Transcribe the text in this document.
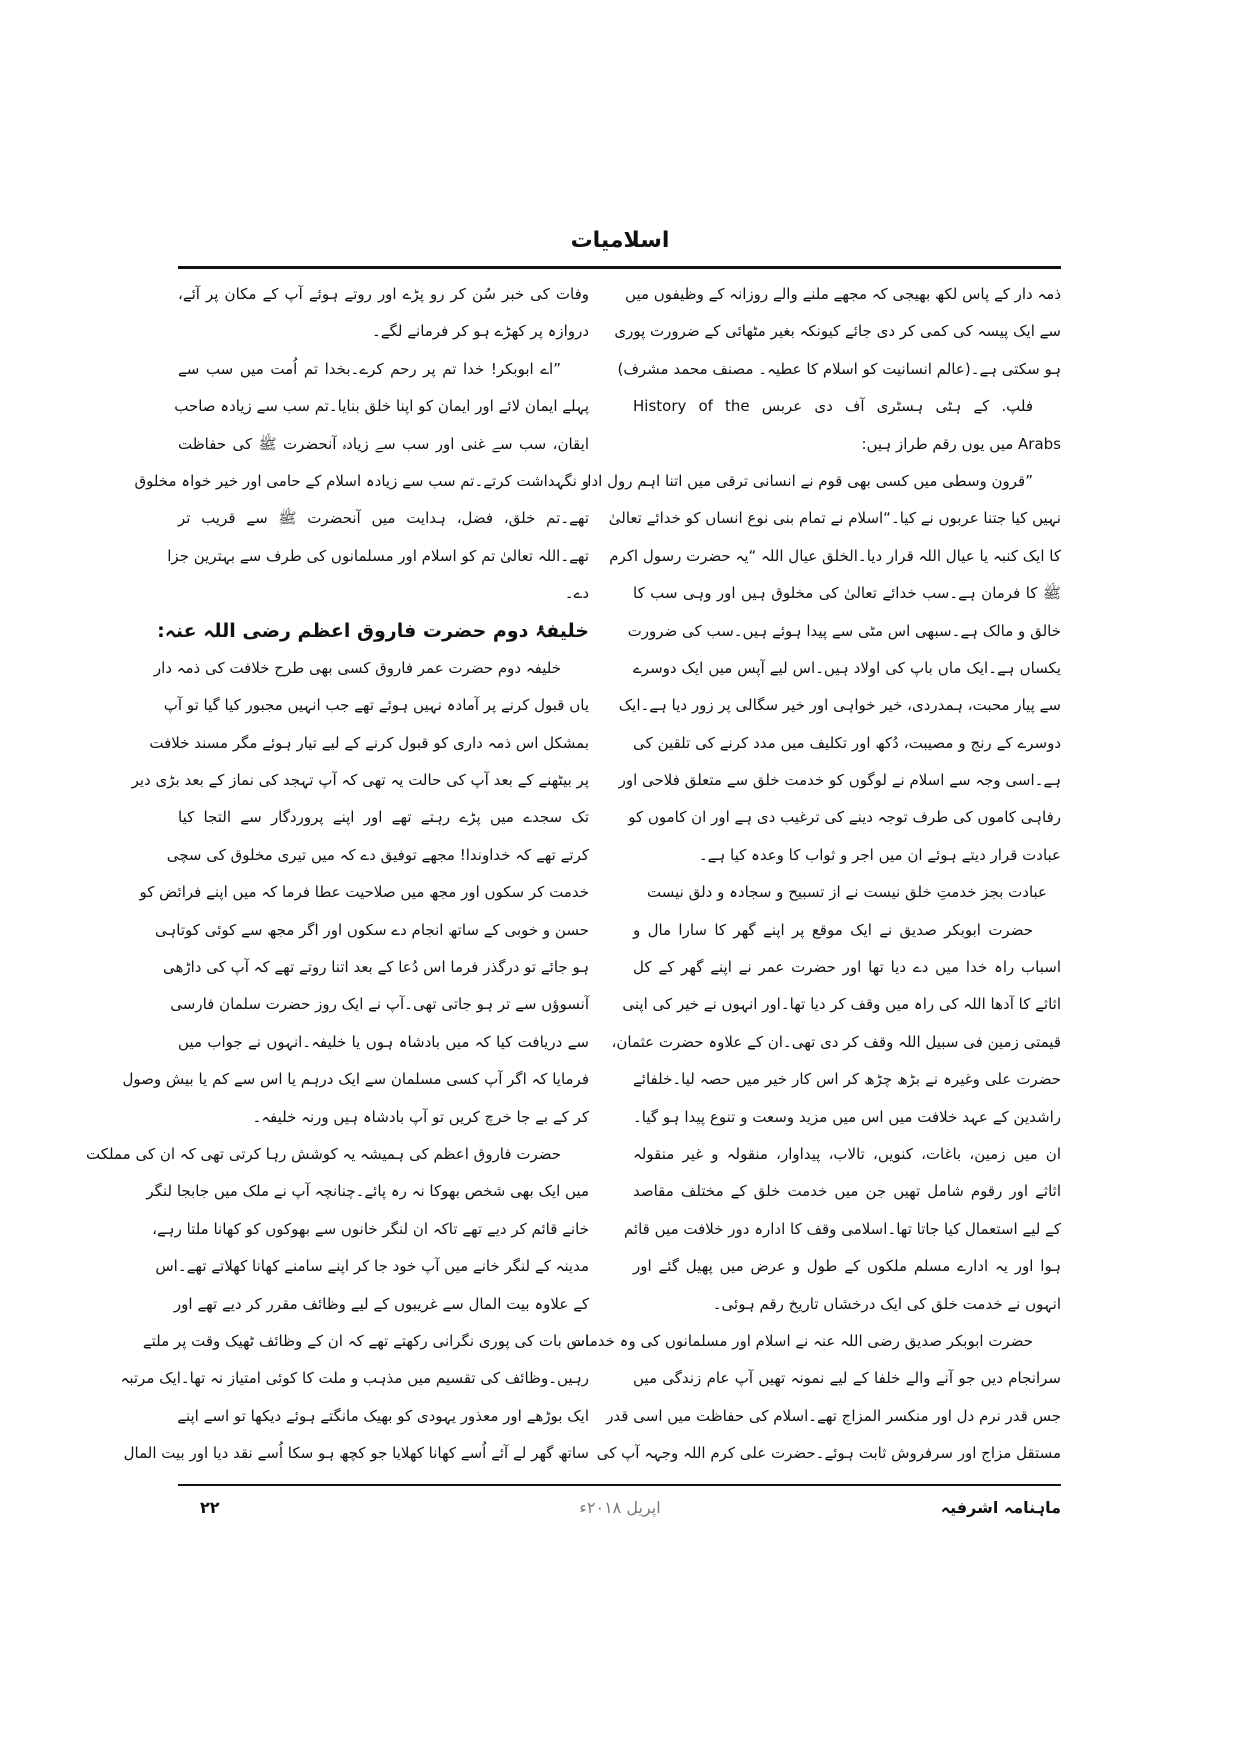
اسلامیات
ذمہ دار کے پاس لکھ بھیجی کہ مجھے ملنے والے روزانہ کے وظیفوں میں
سے ایک پیسہ کی کمی کر دی جائے کیونکہ بغیر مٹھائی کے ضرورت پوری
ہو سکتی ہے۔(عالم انسانیت کو اسلام کا عطیہ۔ مصنف محمد مشرف)
فلپ. کے ہٹی ہسٹری آف دی عربس History of the
Arabs میں یوں رقم طراز ہیں:
”قرون وسطی میں کسی بھی قوم نے انسانی ترقی میں اتنا اہم رول ادا
نہیں کیا جتنا عربوں نے کیا۔“اسلام نے تمام بنی نوع انساں کو خدائے تعالیٰ
کا ایک کنبہ یا عیال اللہ قرار دیا۔الخلق عیال اللہ “یہ حضرت رسول اکرم
ﷺ کا فرمان ہے۔سب خدائے تعالیٰ کی مخلوق ہیں اور وہی سب کا
خالق و مالک ہے۔سبھی اس مٹی سے پیدا ہوئے ہیں۔سب کی ضرورت
یکساں ہے۔ایک ماں باپ کی اولاد ہیں۔اس لیے آپس میں ایک دوسرے
سے پیار محبت، ہمدردی، خیر خواہی اور خیر سگالی پر زور دیا ہے۔ایک
دوسرے کے رنج و مصیبت، دُکھ اور تکلیف میں مدد کرنے کی تلقین کی
ہے۔اسی وجہ سے اسلام نے لوگوں کو خدمت خلق سے متعلق فلاحی اور
رفاہی کاموں کی طرف توجہ دینے کی ترغیب دی ہے اور ان کاموں کو
عبادت قرار دیتے ہوئے ان میں اجر و ثواب کا وعدہ کیا ہے۔
عبادت بجز خدمتِ خلق نیست
نے از تسبیح و سجادہ و دلق نیست
حضرت ابوبکر صدیق نے ایک موقع پر اپنے گھر کا سارا مال و
اسباب راہ خدا میں دے دیا تھا اور حضرت عمر نے اپنے گھر کے کل
اثاثے کا آدھا اللہ کی راہ میں وقف کر دیا تھا۔اور انہوں نے خیر کی اپنی
قیمتی زمین فی سبیل اللہ وقف کر دی تھی۔ان کے علاوہ حضرت عثمان،
حضرت علی وغیرہ نے بڑھ چڑھ کر اس کار خیر میں حصہ لیا۔خلفائے
راشدین کے عہد خلافت میں اس میں مزید وسعت و تنوع پیدا ہو گیا۔
ان میں زمین، باغات، کنویں، تالاب، پیداوار، منقولہ و غیر منقولہ
اثاثے اور رقوم شامل تھیں جن میں خدمت خلق کے مختلف مقاصد
کے لیے استعمال کیا جاتا تھا۔اسلامی وقف کا ادارہ دور خلافت میں قائم
ہوا اور یہ ادارے مسلم ملکوں کے طول و عرض میں پھیل گئے اور
انہوں نے خدمت خلق کی ایک درخشاں تاریخ رقم ہوئی۔
حضرت ابوبکر صدیق رضی اللہ عنہ نے اسلام اور مسلمانوں کی وہ خدمات
سرانجام دیں جو آنے والے خلفا کے لیے نمونہ تھیں آپ عام زندگی میں
جس قدر نرم دل اور منکسر المزاج تھے۔اسلام کی حفاظت میں اسی قدر
مستقل مزاج اور سرفروش ثابت ہوئے۔حضرت علی کرم اللہ وجہہ آپ کی
وفات کی خبر سُن کر رو پڑے اور روتے ہوئے آپ کے مکان پر آئے،
دروازہ پر کھڑے ہو کر فرمانے لگے۔
”اے ابوبکر! خدا تم پر رحم کرے۔بخدا تم اُمت میں سب سے
پہلے ایمان لائے اور ایمان کو اپنا خلق بنایا۔تم سب سے زیادہ صاحب
ایقان، سب سے غنی اور سب سے زیادہ آنحضرت ﷺ کی حفاظت
و نگہداشت کرتے۔تم سب سے زیادہ اسلام کے حامی اور خیر خواہ مخلوق
تھے۔تم خلق، فضل، ہدایت میں آنحضرت ﷺ سے قریب تر
تھے۔اللہ تعالیٰ تم کو اسلام اور مسلمانوں کی طرف سے بہترین جزا
دے۔
خلیفۂ دوم حضرت فاروق اعظم رضی اللہ عنہ:
خلیفہ دوم حضرت عمر فاروق کسی بھی طرح خلافت کی ذمہ دار
یاں قبول کرنے پر آمادہ نہیں ہوئے تھے جب انہیں مجبور کیا گیا تو آپ
بمشکل اس ذمہ داری کو قبول کرنے کے لیے تیار ہوئے مگر مسند خلافت
پر بیٹھنے کے بعد آپ کی حالت یہ تھی کہ آپ تہجد کی نماز کے بعد بڑی دیر
تک سجدے میں پڑے رہتے تھے اور اپنے پروردگار سے التجا کیا
کرتے تھے کہ خداوندا! مجھے توفیق دے کہ میں تیری مخلوق کی سچی
خدمت کر سکوں اور مجھ میں صلاحیت عطا فرما کہ میں اپنے فرائض کو
حسن و خوبی کے ساتھ انجام دے سکوں اور اگر مجھ سے کوئی کوتاہی
ہو جائے تو درگذر فرما اس دُعا کے بعد اتنا روتے تھے کہ آپ کی داڑھی
آنسوؤں سے تر ہو جاتی تھی۔آپ نے ایک روز حضرت سلمان فارسی
سے دریافت کیا کہ میں بادشاہ ہوں یا خلیفہ۔انہوں نے جواب میں
فرمایا کہ اگر آپ کسی مسلمان سے ایک درہم یا اس سے کم یا بیش وصول
کر کے بے جا خرچ کریں تو آپ بادشاہ ہیں ورنہ خلیفہ۔
حضرت فاروق اعظم کی ہمیشہ یہ کوشش رہا کرتی تھی کہ ان کی مملکت
میں ایک بھی شخص بھوکا نہ رہ پائے۔چنانچہ آپ نے ملک میں جابجا لنگر
خانے قائم کر دیے تھے تاکہ ان لنگر خانوں سے بھوکوں کو کھانا ملتا رہے،
مدینہ کے لنگر خانے میں آپ خود جا کر اپنے سامنے کھانا کھلاتے تھے۔اس
کے علاوہ بیت المال سے غریبوں کے لیے وظائف مقرر کر دیے تھے اور
اس بات کی پوری نگرانی رکھتے تھے کہ ان کے وظائف ٹھیک وقت پر ملتے
رہیں۔وظائف کی تقسیم میں مذہب و ملت کا کوئی امتیاز نہ تھا۔ایک مرتبہ
ایک بوڑھے اور معذور یہودی کو بھیک مانگتے ہوئے دیکھا تو اسے اپنے
ساتھ گھر لے آئے اُسے کھانا کھلایا جو کچھ ہو سکا اُسے نقد دیا اور بیت المال
ماہنامہ اشرفیہ
اپریل ۲۰۱۸ء
۲۲
